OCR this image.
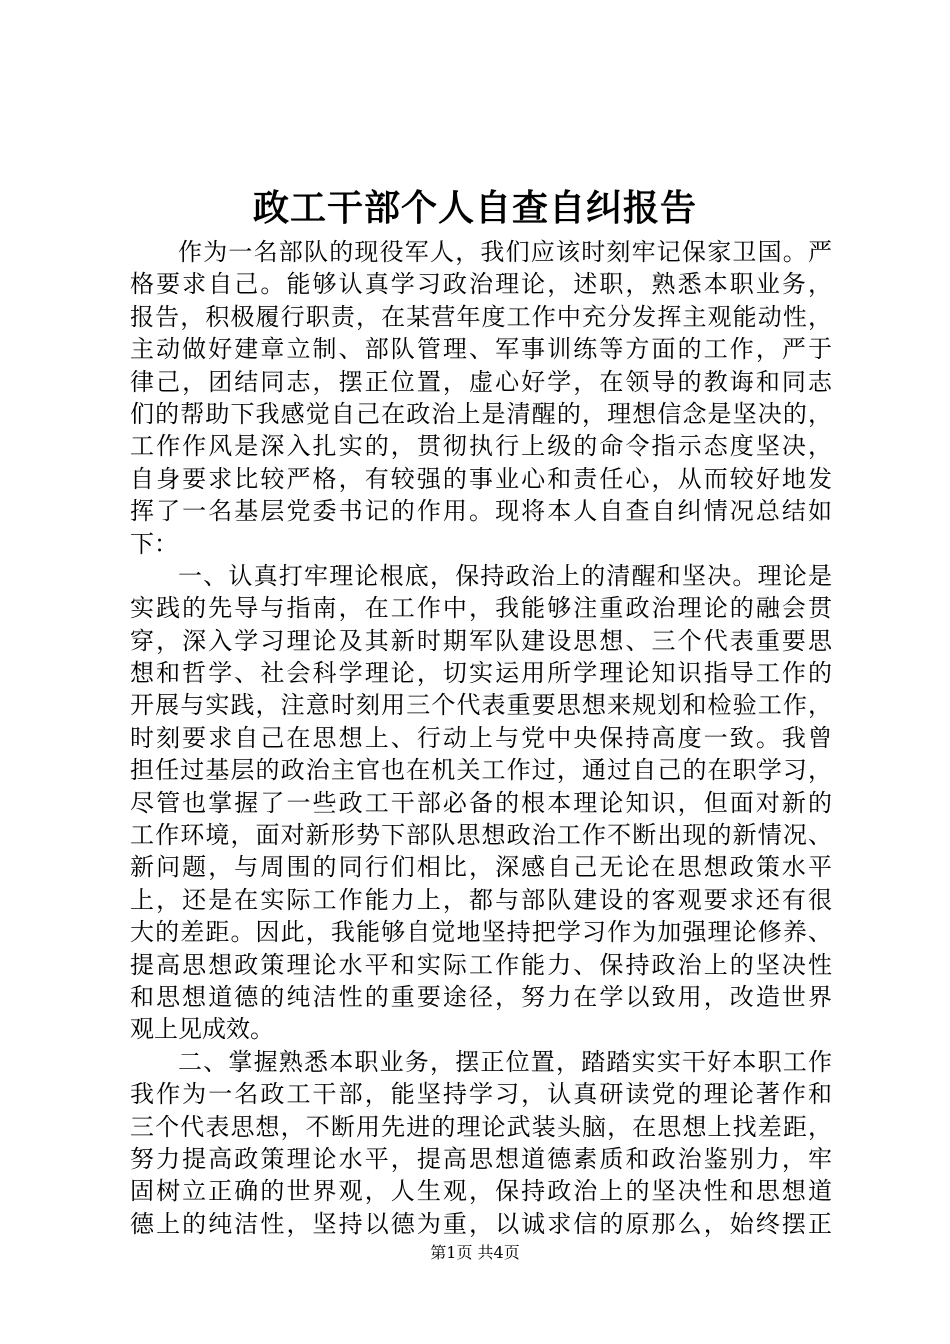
政工干部个人自查自纠报告
作为一名部队的现役军人，我们应该时刻牢记保家卫国。严
格要求自己。能够认真学习政治理论，述职，熟悉本职业务，
报告，积极履行职责，在某营年度工作中充分发挥主观能动性，
主动做好建章立制、部队管理、军事训练等方面的工作，严于
律己，团结同志，摆正位置，虚心好学，在领导的教诲和同志
们的帮助下我感觉自己在政治上是清醒的，理想信念是坚决的，
工作作风是深入扎实的，贯彻执行上级的命令指示态度坚决，
自身要求比较严格，有较强的事业心和责任心，从而较好地发
挥了一名基层党委书记的作用。现将本人自查自纠情况总结如
下：
一、认真打牢理论根底，保持政治上的清醒和坚决。理论是
实践的先导与指南，在工作中，我能够注重政治理论的融会贯
穿，深入学习理论及其新时期军队建设思想、三个代表重要思
想和哲学、社会科学理论，切实运用所学理论知识指导工作的
开展与实践，注意时刻用三个代表重要思想来规划和检验工作，
时刻要求自己在思想上、行动上与党中央保持高度一致。我曾
担任过基层的政治主官也在机关工作过，通过自己的在职学习，
尽管也掌握了一些政工干部必备的根本理论知识，但面对新的
工作环境，面对新形势下部队思想政治工作不断出现的新情况、
新问题，与周围的同行们相比，深感自己无论在思想政策水平
上，还是在实际工作能力上，都与部队建设的客观要求还有很
大的差距。因此，我能够自觉地坚持把学习作为加强理论修养、
提高思想政策理论水平和实际工作能力、保持政治上的坚决性
和思想道德的纯洁性的重要途径，努力在学以致用，改造世界
观上见成效。
二、掌握熟悉本职业务，摆正位置，踏踏实实干好本职工作
我作为一名政工干部，能坚持学习，认真研读党的理论著作和
三个代表思想，不断用先进的理论武装头脑，在思想上找差距，
努力提高政策理论水平，提高思想道德素质和政治鉴别力，牢
固树立正确的世界观，人生观，保持政治上的坚决性和思想道
德上的纯洁性，坚持以德为重，以诚求信的原那么，始终摆正
第1页 共4页
